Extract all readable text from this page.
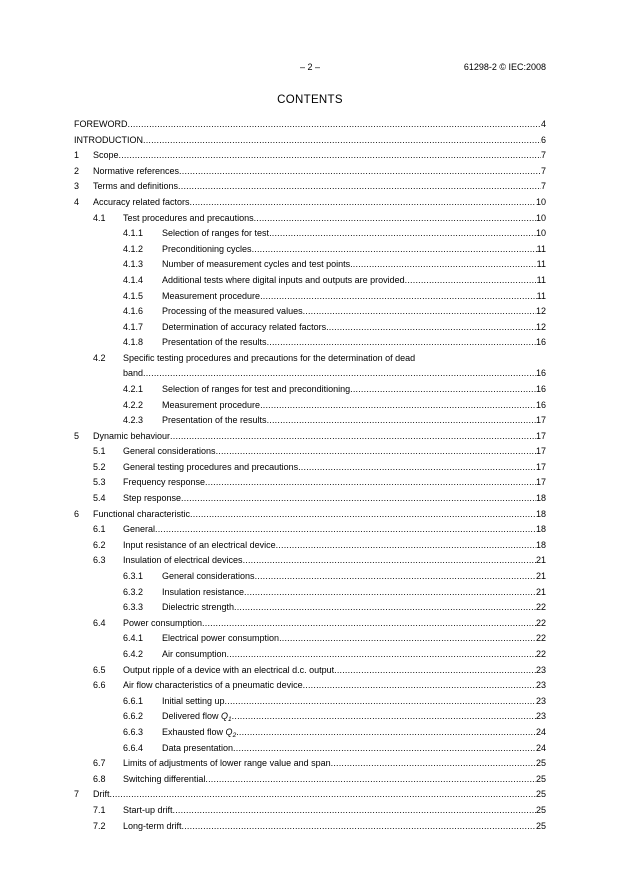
– 2 –	61298-2 © IEC:2008
CONTENTS
FOREWORD .....	4
INTRODUCTION .....	6
1 Scope .....	7
2 Normative references .....	7
3 Terms and definitions .....	7
4 Accuracy related factors .....	10
4.1 Test procedures and precautions .....	10
4.1.1 Selection of ranges for test .....	10
4.1.2 Preconditioning cycles .....	11
4.1.3 Number of measurement cycles and test points .....	11
4.1.4 Additional tests where digital inputs and outputs are provided .....	11
4.1.5 Measurement procedure .....	11
4.1.6 Processing of the measured values .....	12
4.1.7 Determination of accuracy related factors .....	12
4.1.8 Presentation of the results .....	16
4.2 Specific testing procedures and precautions for the determination of dead
band .....	16
4.2.1 Selection of ranges for test and preconditioning .....	16
4.2.2 Measurement procedure .....	16
4.2.3 Presentation of the results .....	17
5 Dynamic behaviour .....	17
5.1 General considerations .....	17
5.2 General testing procedures and precautions .....	17
5.3 Frequency response .....	17
5.4 Step response .....	18
6 Functional characteristic .....	18
6.1 General .....	18
6.2 Input resistance of an electrical device .....	18
6.3 Insulation of electrical devices .....	21
6.3.1 General considerations .....	21
6.3.2 Insulation resistance .....	21
6.3.3 Dielectric strength .....	22
6.4 Power consumption .....	22
6.4.1 Electrical power consumption .....	22
6.4.2 Air consumption .....	22
6.5 Output ripple of a device with an electrical d.c. output .....	23
6.6 Air flow characteristics of a pneumatic device .....	23
6.6.1 Initial setting up .....	23
6.6.2 Delivered flow $Q_1$ .....	23
6.6.3 Exhausted flow $Q_2$ .....	24
6.6.4 Data presentation .....	24
6.7 Limits of adjustments of lower range value and span .....	25
6.8 Switching differential .....	25
7 Drift .....	25
7.1 Start-up drift .....	25
7.2 Long-term drift .....	25
